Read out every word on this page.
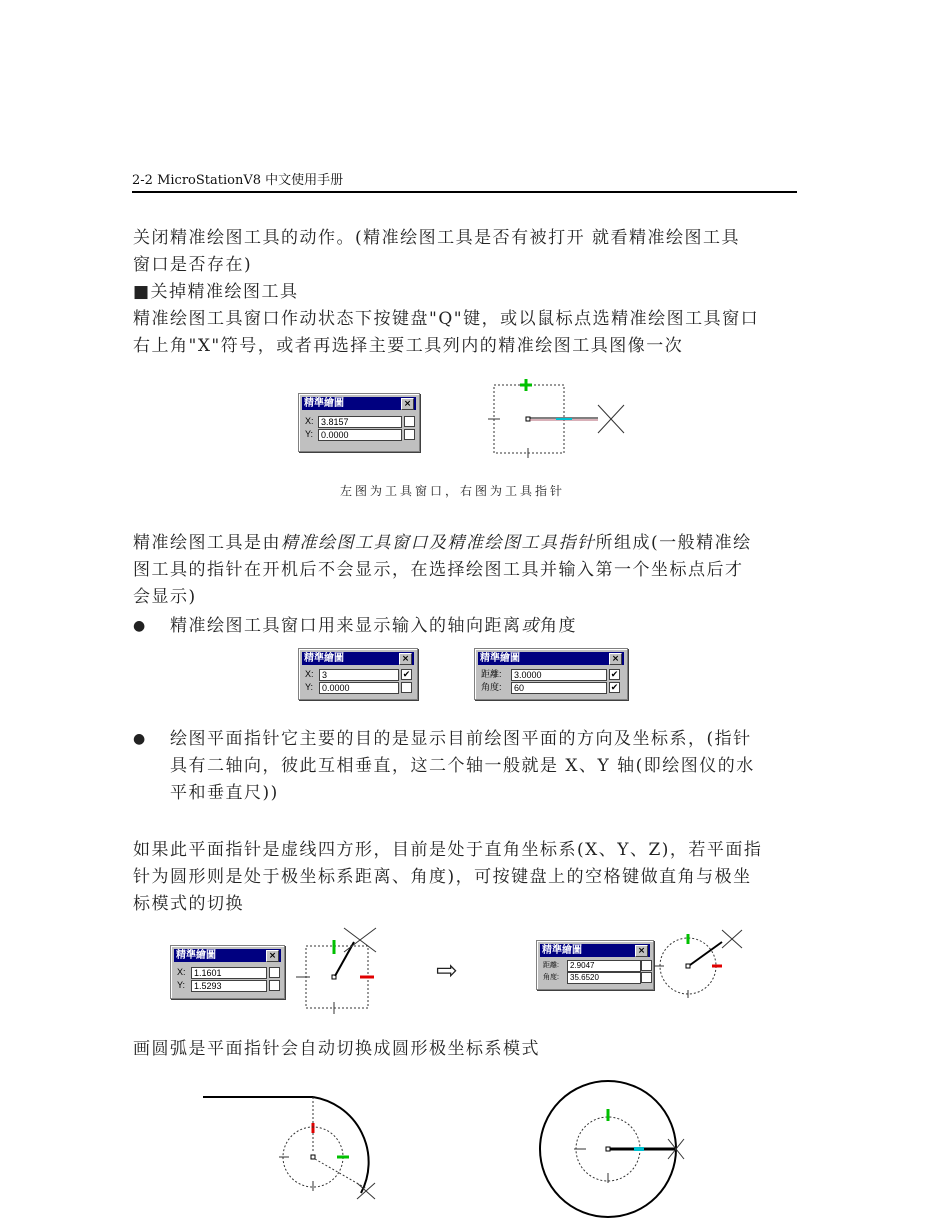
2-2 MicroStationV8 中文使用手册
关闭精准绘图工具的动作。(精准绘图工具是否有被打开 就看精准绘图工具
窗口是否存在)
■关掉精准绘图工具
精准绘图工具窗口作动状态下按键盘"Q"键，或以鼠标点选精准绘图工具窗口
右上角"X"符号，或者再选择主要工具列内的精准绘图工具图像一次
精準繪圖	×
X: 3.8157
Y: 0.0000
左图为工具窗口，右图为工具指针
精准绘图工具是由精准绘图工具窗口及精准绘图工具指针所组成(一般精准绘
图工具的指针在开机后不会显示，在选择绘图工具并输入第一个坐标点后才
会显示)
● 精准绘图工具窗口用来显示输入的轴向距离或角度
精準繪圖	×
X: 3	✔
Y: 0.0000
精準繪圖	×
距離:	3.0000	✔
角度:	60	✔
● 绘图平面指针它主要的目的是显示目前绘图平面的方向及坐标系，(指针
具有二轴向，彼此互相垂直，这二个轴一般就是 X、Y 轴(即绘图仪的水
平和垂直尺))
如果此平面指针是虚线四方形，目前是处于直角坐标系(X、Y、Z)，若平面指
针为圆形则是处于极坐标系距离、角度)，可按键盘上的空格键做直角与极坐
标模式的切换
精準繪圖	×
X: 1.1601
Y: 1.5293	⇨
精準繪圖	×
距離:	2.9047
角度:	35.6520
画圆弧是平面指针会自动切换成圆形极坐标系模式
